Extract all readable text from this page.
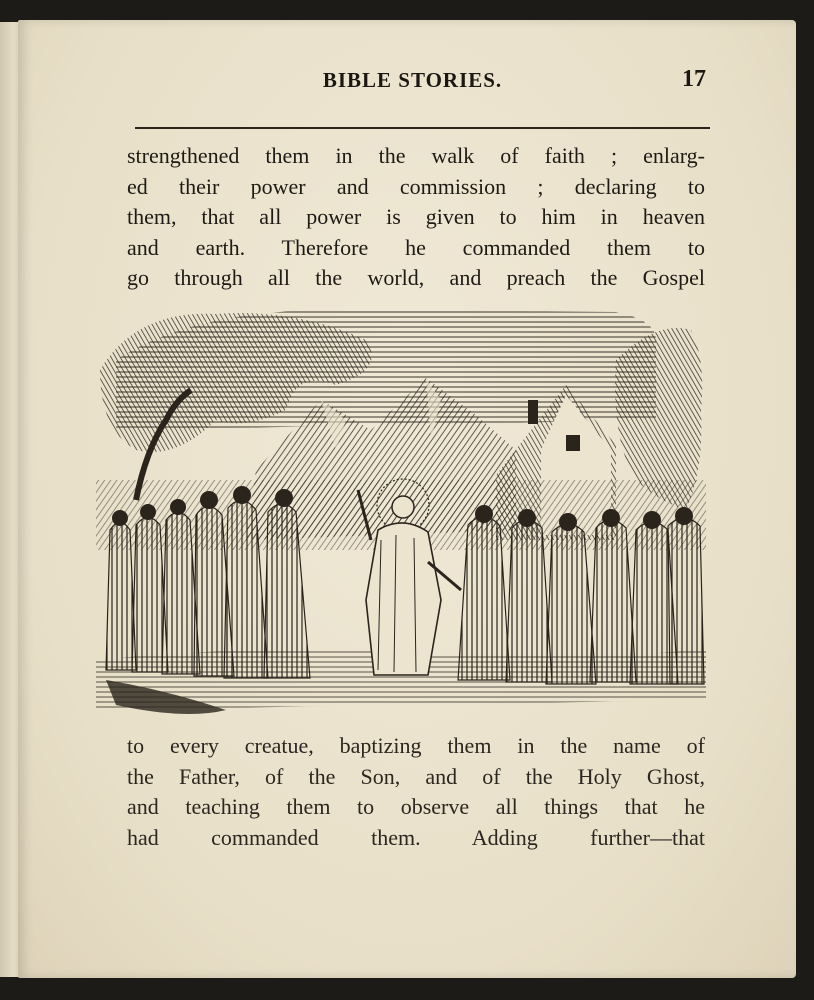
BIBLE STORIES.	17
strengthened them in the walk of faith ; enlarg-
ed their power and commission ; declaring to
them, that all power is given to him in heaven
and earth. Therefore he commanded them to
go through all the world, and preach the Gospel
to every creatue, baptizing them in the name of
the Father, of the Son, and of the Holy Ghost,
and teaching them to observe all things that he
had commanded them. Adding further—that
